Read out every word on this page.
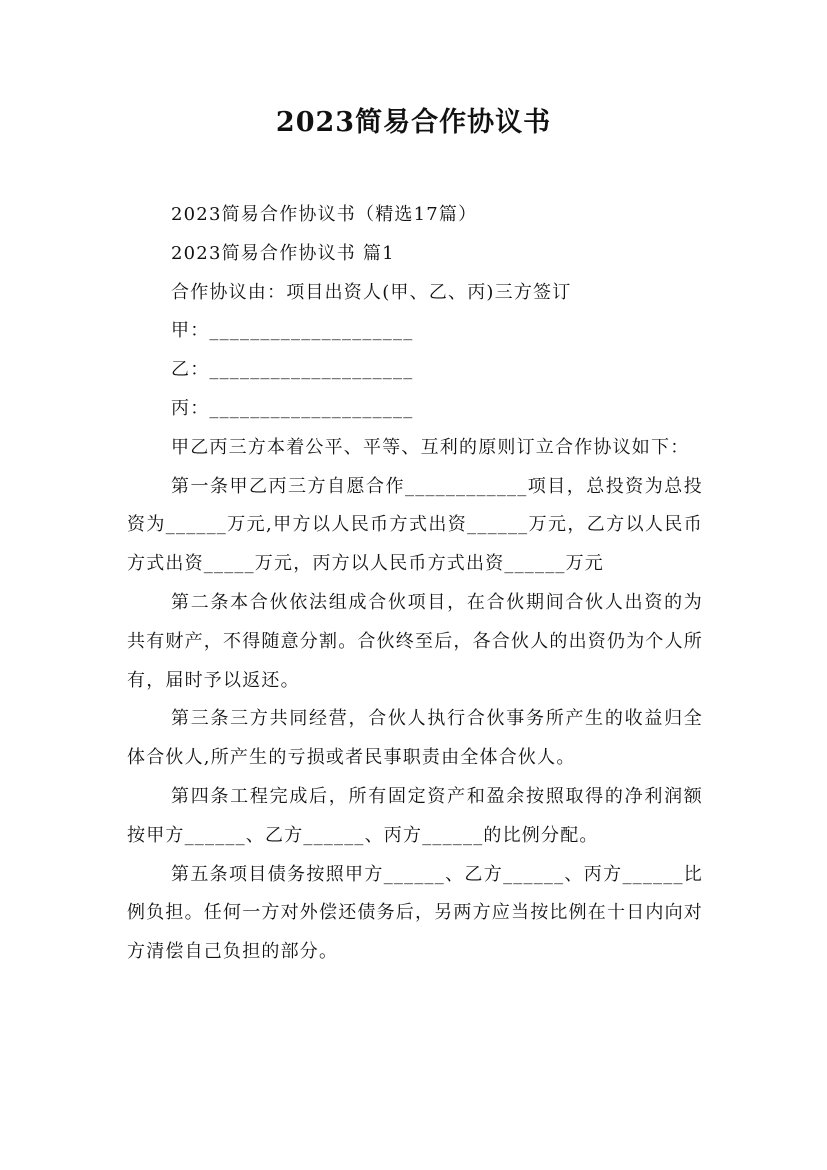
2023简易合作协议书
2023简易合作协议书（精选17篇）
2023简易合作协议书 篇1
合作协议由：项目出资人(甲、乙、丙)三方签订
甲：____________________
乙：____________________
丙：____________________
甲乙丙三方本着公平、平等、互利的原则订立合作协议如下：
第一条甲乙丙三方自愿合作____________项目，总投资为总投资为______万元,甲方以人民币方式出资______万元，乙方以人民币方式出资_____万元，丙方以人民币方式出资______万元
第二条本合伙依法组成合伙项目，在合伙期间合伙人出资的为共有财产，不得随意分割。合伙终至后，各合伙人的出资仍为个人所有，届时予以返还。
第三条三方共同经营，合伙人执行合伙事务所产生的收益归全体合伙人,所产生的亏损或者民事职责由全体合伙人。
第四条工程完成后，所有固定资产和盈余按照取得的净利润额按甲方______、乙方______、丙方______的比例分配。
第五条项目债务按照甲方______、乙方______、丙方______比例负担。任何一方对外偿还债务后，另两方应当按比例在十日内向对方清偿自己负担的部分。
